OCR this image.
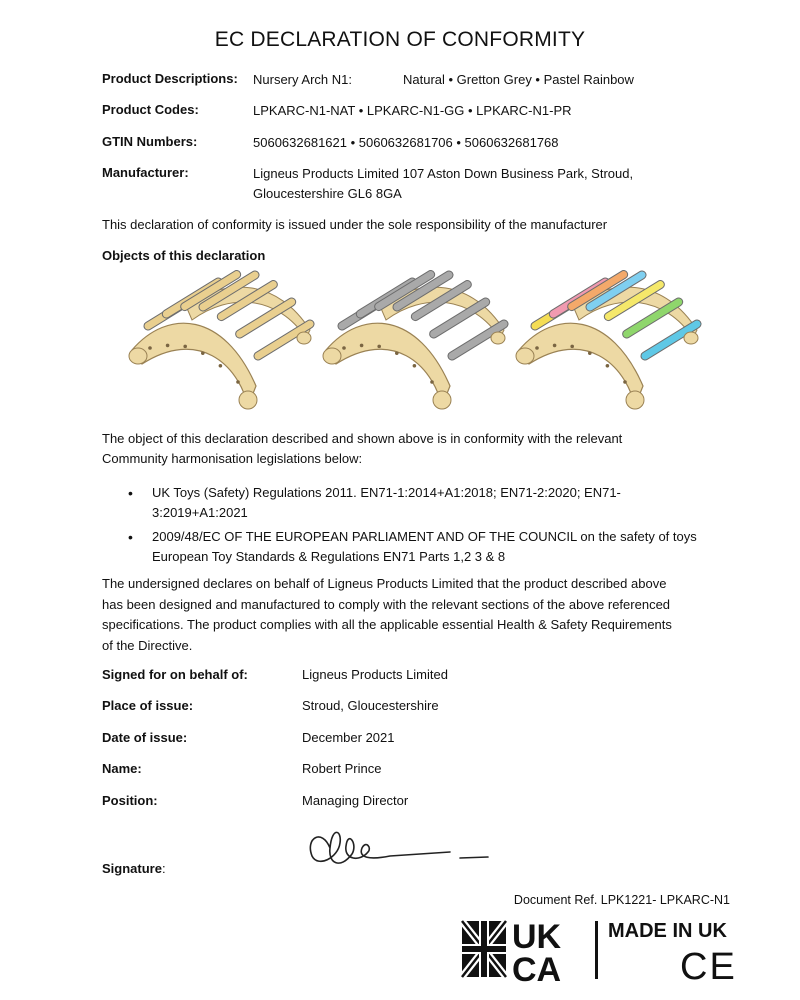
EC DECLARATION OF CONFORMITY
Product Descriptions: Nursery Arch N1:	Natural • Gretton Grey • Pastel Rainbow
Product Codes:	LPKARC-N1-NAT • LPKARC-N1-GG • LPKARC-N1-PR
GTIN Numbers:	5060632681621 • 5060632681706 • 5060632681768
Manufacturer:	Ligneus Products Limited 107 Aston Down Business Park, Stroud,
Gloucestershire GL6 8GA
This declaration of conformity is issued under the sole responsibility of the manufacturer
Objects of this declaration
The object of this declaration described and shown above is in conformity with the relevant
Community harmonisation legislations below:
• UK Toys (Safety) Regulations 2011. EN71-1:2014+A1:2018; EN71-2:2020; EN71-
3:2019+A1:2021
• 2009/48/EC OF THE EUROPEAN PARLIAMENT AND OF THE COUNCIL on the safety of toys
European Toy Standards & Regulations EN71 Parts 1,2 3 & 8
The undersigned declares on behalf of Ligneus Products Limited that the product described above
has been designed and manufactured to comply with the relevant sections of the above referenced
specifications. The product complies with all the applicable essential Health & Safety Requirements
of the Directive.
Signed for on behalf of:	Ligneus Products Limited
Place of issue:	Stroud, Gloucestershire
Date of issue:	December 2021
Name:	Robert Prince
Position:	Managing Director
Signature:
Document Ref. LPK1221- LPKARC-N1
UK
CA
MADE IN UK
CE
